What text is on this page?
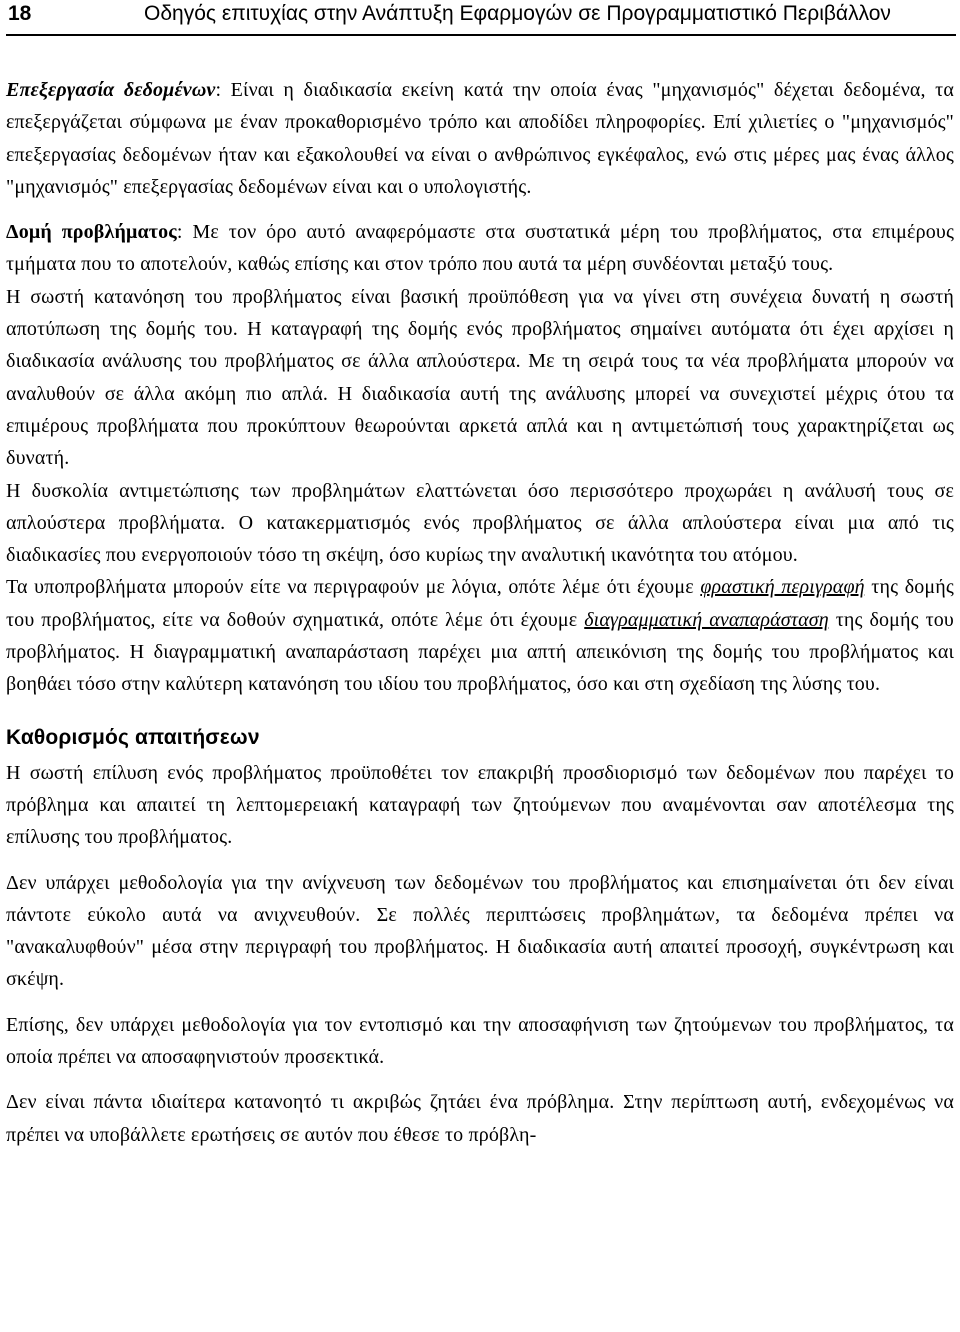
18	Οδηγός επιτυχίας στην Ανάπτυξη Εφαρμογών σε Προγραμματιστικό Περιβάλλον

Επεξεργασία δεδομένων: Είναι η διαδικασία εκείνη κατά την οποία ένας "μηχανισμός" δέχεται δεδομένα, τα επεξεργάζεται σύμφωνα με έναν προκαθορισμένο τρόπο και αποδίδει πληροφορίες. Επί χιλιετίες ο "μηχανισμός" επεξεργασίας δεδομένων ήταν και εξακολουθεί να είναι ο ανθρώπινος εγκέφαλος, ενώ στις μέρες μας ένας άλλος "μηχανισμός" επεξεργασίας δεδομένων είναι και ο υπολογιστής.

Δομή προβλήματος: Με τον όρο αυτό αναφερόμαστε στα συστατικά μέρη του προβλήματος, στα επιμέρους τμήματα που το αποτελούν, καθώς επίσης και στον τρόπο που αυτά τα μέρη συνδέονται μεταξύ τους.

Η σωστή κατανόηση του προβλήματος είναι βασική προϋπόθεση για να γίνει στη συνέχεια δυνατή η σωστή αποτύπωση της δομής του. Η καταγραφή της δομής ενός προβλήματος σημαίνει αυτόματα ότι έχει αρχίσει η διαδικασία ανάλυσης του προβλήματος σε άλλα απλούστερα. Με τη σειρά τους τα νέα προβλήματα μπορούν να αναλυθούν σε άλλα ακόμη πιο απλά. Η διαδικασία αυτή της ανάλυσης μπορεί να συνεχιστεί μέχρις ότου τα επιμέρους προβλήματα που προκύπτουν θεωρούνται αρκετά απλά και η αντιμετώπισή τους χαρακτηρίζεται ως δυνατή.

Η δυσκολία αντιμετώπισης των προβλημάτων ελαττώνεται όσο περισσότερο προχωράει η ανάλυσή τους σε απλούστερα προβλήματα. Ο κατακερματισμός ενός προβλήματος σε άλλα απλούστερα είναι μια από τις διαδικασίες που ενεργοποιούν τόσο τη σκέψη, όσο κυρίως την αναλυτική ικανότητα του ατόμου.

Τα υποπροβλήματα μπορούν είτε να περιγραφούν με λόγια, οπότε λέμε ότι έχουμε φραστική περιγραφή της δομής του προβλήματος, είτε να δοθούν σχηματικά, οπότε λέμε ότι έχουμε διαγραμματική αναπαράσταση της δομής του προβλήματος. Η διαγραμματική αναπαράσταση παρέχει μια απτή απεικόνιση της δομής του προβλήματος και βοηθάει τόσο στην καλύτερη κατανόηση του ιδίου του προβλήματος, όσο και στη σχεδίαση της λύσης του.

Καθορισμός απαιτήσεων

Η σωστή επίλυση ενός προβλήματος προϋποθέτει τον επακριβή προσδιορισμό των δεδομένων που παρέχει το πρόβλημα και απαιτεί τη λεπτομερειακή καταγραφή των ζητούμενων που αναμένονται σαν αποτέλεσμα της επίλυσης του προβλήματος.

Δεν υπάρχει μεθοδολογία για την ανίχνευση των δεδομένων του προβλήματος και επισημαίνεται ότι δεν είναι πάντοτε εύκολο αυτά να ανιχνευθούν. Σε πολλές περιπτώσεις προβλημάτων, τα δεδομένα πρέπει να "ανακαλυφθούν" μέσα στην περιγραφή του προβλήματος. Η διαδικασία αυτή απαιτεί προσοχή, συγκέντρωση και σκέψη.

Επίσης, δεν υπάρχει μεθοδολογία για τον εντοπισμό και την αποσαφήνιση των ζητούμενων του προβλήματος, τα οποία πρέπει να αποσαφηνιστούν προσεκτικά.

Δεν είναι πάντα ιδιαίτερα κατανοητό τι ακριβώς ζητάει ένα πρόβλημα. Στην περίπτωση αυτή, ενδεχομένως να πρέπει να υποβάλλετε ερωτήσεις σε αυτόν που έθεσε το πρόβλη-
